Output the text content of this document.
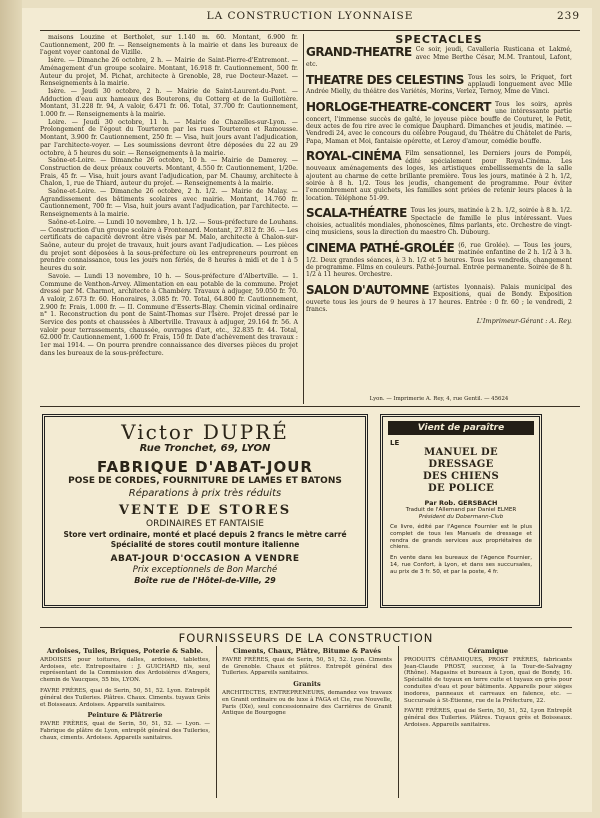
LA CONSTRUCTION LYONNAISE	239

maisons Louzine et Bertholet, sur 1.140 m. 60. Montant, 6.900 fr. Cautionnement, 200 fr. — Renseignements à la mairie et dans les bureaux de l'agent voyer cantonal de Vizille.

Isère. — Dimanche 26 octobre, 2 h. — Mairie de Saint-Pierre-d'Entremont. — Aménagement d'un groupe scolaire. Montant, 16.918 fr. Cautionnement, 500 fr. Auteur du projet, M. Pichat, architecte à Grenoble, 28, rue Docteur-Mazet. — Renseignements à la mairie.

Isère. — Jeudi 30 octobre, 2 h. — Mairie de Saint-Laurent-du-Pont. — Adduction d'eau aux hameaux des Bouterons, du Cotterg et de la Guillotière. Montant, 31.228 fr. 94, A valoir, 6.471 fr. 06. Total, 37.700 fr. Cautionnement, 1.000 fr. — Renseignements à la mairie.

Loire. — Jeudi 30 octobre, 11 h. — Mairie de Chazelles-sur-Lyon. — Prolongement de l'égout du Tourteron par les rues Tourteron et Ramousse. Montant, 3.900 fr. Cautionnement, 250 fr. — Visa, huit jours avant l'adjudication, par l'architecte-voyer. — Les soumissions devront être déposées du 22 au 29 octobre, à 5 heures du soir. — Renseignements à la mairie.

Saône-et-Loire. — Dimanche 26 octobre, 10 h. — Mairie de Damerey. — Construction de deux préaux couverts. Montant, 4.550 fr. Cautionnement, 1/20e. Frais, 45 fr. — Visa, huit jours avant l'adjudication, par M. Chaumy, architecte à Chalon, 1, rue de Thiard, auteur du projet. — Renseignements à la mairie.

Saône-et-Loire. — Dimanche 26 octobre, 2 h. 1/2. — Mairie de Malay. — Agrandissement des bâtiments scolaires avec mairie. Montant, 14.760 fr. Cautionnement, 700 fr. — Visa, huit jours avant l'adjudication, par l'architecte. — Renseignements à la mairie.

Saône-et-Loire. — Lundi 10 novembre, 1 h. 1/2. — Sous-préfecture de Louhans. — Construction d'un groupe scolaire à Frontenard. Montant, 27.812 fr. 36. — Les certificats de capacité devront être visés par M. Malo, architecte à Chalon-sur-Saône, auteur du projet de travaux, huit jours avant l'adjudication. — Les pièces du projet sont déposées à la sous-préfecture où les entrepreneurs pourront en prendre connaissance, tous les jours non fériés, de 8 heures à midi et de 1 à 5 heures du soir.

Savoie. — Lundi 13 novembre, 10 h. — Sous-préfecture d'Albertville. — 1. Commune de Venthon-Arvey. Alimentation en eau potable de la commune. Projet dressé par M. Charmot, architecte à Chambéry. Travaux à adjuger, 59.050 fr. 70. A valoir, 2.673 fr. 60. Honoraires, 3.085 fr. 70. Total, 64.800 fr. Cautionnement, 2.900 fr. Frais, 1.000 fr. — II. Commune d'Esserts-Blay. Chemin vicinal ordinaire n° 1. Reconstruction du pont de Saint-Thomas sur l'Isère. Projet dressé par le Service des ponts et chaussées à Albertville. Travaux à adjuger, 29.164 fr. 56. A valoir pour terrassements, chaussée, ouvrages d'art, etc., 32.835 fr. 44. Total, 62.000 fr. Cautionnement, 1.600 fr. Frais, 150 fr. Date d'achèvement des travaux : 1er mai 1914. — On pourra prendre connaissance des diverses pièces du projet dans les bureaux de la sous-préfecture.

SPECTACLES
GRAND-THEATRE Ce soir, jeudi, Cavalleria Rusticana et Lakmé, avec Mme Berthe César, M.M. Trantoul, Lafont, etc.
THEATRE DES CELESTINS Tous les soirs, le Friquet, fort applaudi longuement avec Mlle Andrée Mielly, du théâtre des Variétés, Morins, Verlez, Ternoy, Mme de Vinci.
HORLOGE-THEATRE-CONCERT Tous les soirs, après une intéressante partie concert, l'immense succès de gaîté, le joyeuse pièce bouffe de Couturet, le Petit, deux actes de fou rire avec le comique Dauphard. Dimanches et jeudis, matinée. — Vendredi 24, avec le concours du célèbre Pougaud, du Théâtre du Châtelet de Paris, Papa, Maman et Moi, fantaisie opérette, et Leroy d'amour, comédie bouffe.
ROYAL-CINÉMA Film sensationnel, les Derniers jours de Pompéi, édité spécialement pour Royal-Cinéma. Les nouveaux aménagements des loges, les artistiques embellissements de la salle ajoutent au charme de cette brillante première. Tous les jours, matinée à 2 h. 1/2, soirée à 8 h. 1/2. Tous les jeudis, changement de programme. Pour éviter l'encombrement aux guichets, les familles sont priées de retenir leurs places à la location. Téléphone 51-99.
SCALA-THÉATRE Tous les jours, matinée à 2 h. 1/2, soirée à 8 h. 1/2. Spectacle de famille le plus intéressant. Vues choisies, actualités mondiales, phonoscènes, films parlants, etc. Orchestre de vingt-cinq musiciens, sous la direction du maestro Ch. Dubourg.
CINEMA PATHÉ-GROLÉE (6, rue Grolée). — Tous les jours, matinée enfantine de 2 h. 1/2 à 3 h. 1/2. Deux grandes séances, à 3 h. 1/2 et 5 heures. Tous les vendredis, changement de programme. Films en couleurs. Pathé-Journal. Entrée permanente. Soirée de 8 h. 1/2 à 11 heures. Orchestre.
SALON D'AUTOMNE (artistes lyonnais). Palais municipal des Expositions, quai de Bondy. Exposition ouverte tous les jours de 9 heures à 17 heures. Entrée : 0 fr. 60 ; le vendredi, 2 francs.
L'Imprimeur-Gérant : A. Rey.
Lyon. — Imprimerie A. Rey, 4, rue Gentil. — 45624
Victor DUPRÉ
Rue Tronchet, 69, LYON
FABRIQUE D'ABAT-JOUR
POSE DE CORDES, FOURNITURE DE LAMES ET BATONS
Réparations à prix très réduits
VENTE DE STORES
ORDINAIRES ET FANTAISIE
Store vert ordinaire, monté et placé depuis 2 francs le mètre carré
Spécialité de stores coutil monture italienne
ABAT-JOUR D'OCCASION A VENDRE
Prix exceptionnels de Bon Marché
Boîte rue de l'Hôtel-de-Ville, 29
Vient de paraître
LE
MANUEL DE DRESSAGE
DES CHIENS
DE POLICE
Par Rob. GERSBACH
Traduit de l'Allemand par Daniel ELMER
Président du Dobermann-Club
Ce livre, édité par l'Agence Fournier est le plus complet de tous les Manuels de dressage et rendra de grands services aux propriétaires de chiens.
En vente dans les bureaux de l'Agence Fournier, 14, rue Confort, à Lyon, et dans ses succursales, au prix de 3 fr. 50, et par la poste, 4 fr.
FOURNISSEURS DE LA CONSTRUCTION
Ardoises, Tuiles, Briques, Poterie & Sable.

ARDOISES pour toitures, dalles, ardoises, tablettes, Ardoises, etc. Entrepositaire : J. GUICHARD fils, seul représentant de la Commission des Ardoisières d'Angers, chemin de Vaucques, 55 bis, LYON.

FAVRE FRÈRES, quai de Serin, 50, 51, 52. Lyon. Entrepôt général des Tuileries. Plâtres. Chaux. Ciments. tuyaux Grès et Boisseaux. Ardoises. Appareils sanitaires.

Peinture & Plâtrerie

FAVRE FRÈRES, quai de Serin, 50, 51, 52. — Lyon. — Fabrique de plâtre de Lyon, entrepôt général des Tuileries, chaux, ciments. Ardoises. Appareils sanitaires.

Ciments, Chaux, Plâtre, Bitume & Pavés

FAVRE FRÈRES, quai de Serin, 50, 51, 52. Lyon. Ciments de Grenoble. Chaux et plâtres. Entrepôt général des Tuileries. Appareils sanitaires.

Granits

ARCHITECTES, ENTREPRENEURS, demandez vos travaux en Granit ordinaire ou de luxe à FAGA et Cie, rue Nouvelle, Paris (IXe), seul concessionnaire des Carrières de Granit Antique de Bourgogne

Céramique

PRODUITS CÉRAMIQUES, PROST FRÈRES, fabricants Jean-Claude PROST, succesr, à la Tour-de-Salvagny (Rhône). Magasins et bureaux à Lyon, quai de Bondy, 16. Spécialité de tuyaux en terre cuite et tuyaux en grès pour conduites d'eau et pour bâtiments. Appareils pour sièges inodores, panneaux et carreaux en faïence, etc. — Succursale à St-Étienne, rue de la Préfecture, 22.

FAVRE FRÈRES, quai de Serin, 50, 51, 52, Lyon Entrepôt général des Tuileries. Plâtres. Tuyaux grès et Boisseaux. Ardoises. Appareils sanitaires.
